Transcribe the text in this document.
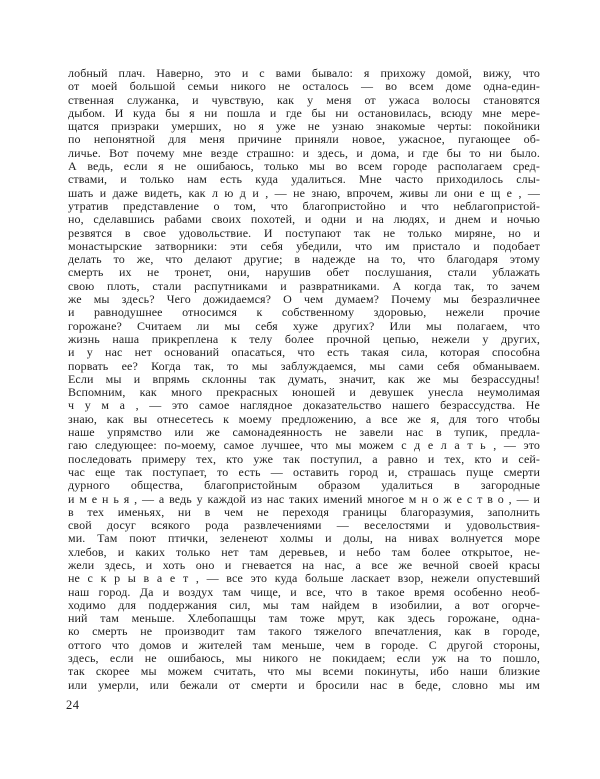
лобный плач. Наверно, это и с вами бывало: я прихожу домой, вижу, что
от моей большой семьи никого не осталось — во всем доме одна-един-
ственная служанка, и чувствую, как у меня от ужаса волосы становятся
дыбом. И куда бы я ни пошла и где бы ни остановилась, всюду мне мере-
щатся призраки умерших, но я уже не узнаю знакомые черты: покойники
по непонятной для меня причине приняли новое, ужасное, пугающее об-
личье. Вот почему мне везде страшно: и здесь, и дома, и где бы то ни было.
А ведь, если я не ошибаюсь, только мы во всем городе располагаем сред-
ствами, и только нам есть куда удалиться. Мне часто приходилось слы-
шать и даже видеть, как л ю д и , — не знаю, впрочем, живы ли они е щ е , —
утратив представление о том, что благопристойно и что неблагопристой-
но, сделавшись рабами своих похотей, и одни и на людях, и днем и ночью
резвятся в свое удовольствие. И поступают так не только миряне, но и
монастырские затворники: эти себя убедили, что им пристало и подобает
делать то же, что делают другие; в надежде на то, что благодаря этому
смерть их не тронет, они, нарушив обет послушания, стали ублажать
свою плоть, стали распутниками и развратниками. А когда так, то зачем
же мы здесь? Чего дожидаемся? О чем думаем? Почему мы безразличнее
и равнодушнее относимся к собственному здоровью, нежели прочие
горожане? Считаем ли мы себя хуже других? Или мы полагаем, что
жизнь наша прикреплена к телу более прочной цепью, нежели у других,
и у нас нет оснований опасаться, что есть такая сила, которая способна
порвать ее? Когда так, то мы заблуждаемся, мы сами себя обманываем.
Если мы и впрямь склонны так думать, значит, как же мы безрассудны!
Вспомним, как много прекрасных юношей и девушек унесла неумолимая
ч у м а , — это самое наглядное доказательство нашего безрассудства. Не
знаю, как вы отнесетесь к моему предложению, а все же я, для того чтобы
наше упрямство или же самонадеянность не завели нас в тупик, предла-
гаю следующее: по-моему, самое лучшее, что мы можем с д е л а т ь , — это
последовать примеру тех, кто уже так поступил, а равно и тех, кто и сей-
час еще так поступает, то есть — оставить город и, страшась пуще смерти
дурного общества, благопристойным образом удалиться в загородные
и м е н ь я , — а ведь у каждой из нас таких имений многое м н о ж е с т в о , — и
в тех именьях, ни в чем не переходя границы благоразумия, заполнить
свой досуг всякого рода развлечениями — веселостями и удовольствия-
ми. Там поют птички, зеленеют холмы и долы, на нивах волнуется море
хлебов, и каких только нет там деревьев, и небо там более открытое, не-
жели здесь, и хоть оно и гневается на нас, а все же вечной своей красы
не с к р ы в а е т , — все это куда больше ласкает взор, нежели опустевший
наш город. Да и воздух там чище, и все, что в такое время особенно необ-
ходимо для поддержания сил, мы там найдем в изобилии, а вот огорче-
ний там меньше. Хлебопашцы там тоже мрут, как здесь горожане, одна-
ко смерть не производит там такого тяжелого впечатления, как в городе,
оттого что домов и жителей там меньше, чем в городе. С другой стороны,
здесь, если не ошибаюсь, мы никого не покидаем; если уж на то пошло,
так скорее мы можем считать, что мы всеми покинуты, ибо наши близкие
или умерли, или бежали от смерти и бросили нас в беде, словно мы им
24
